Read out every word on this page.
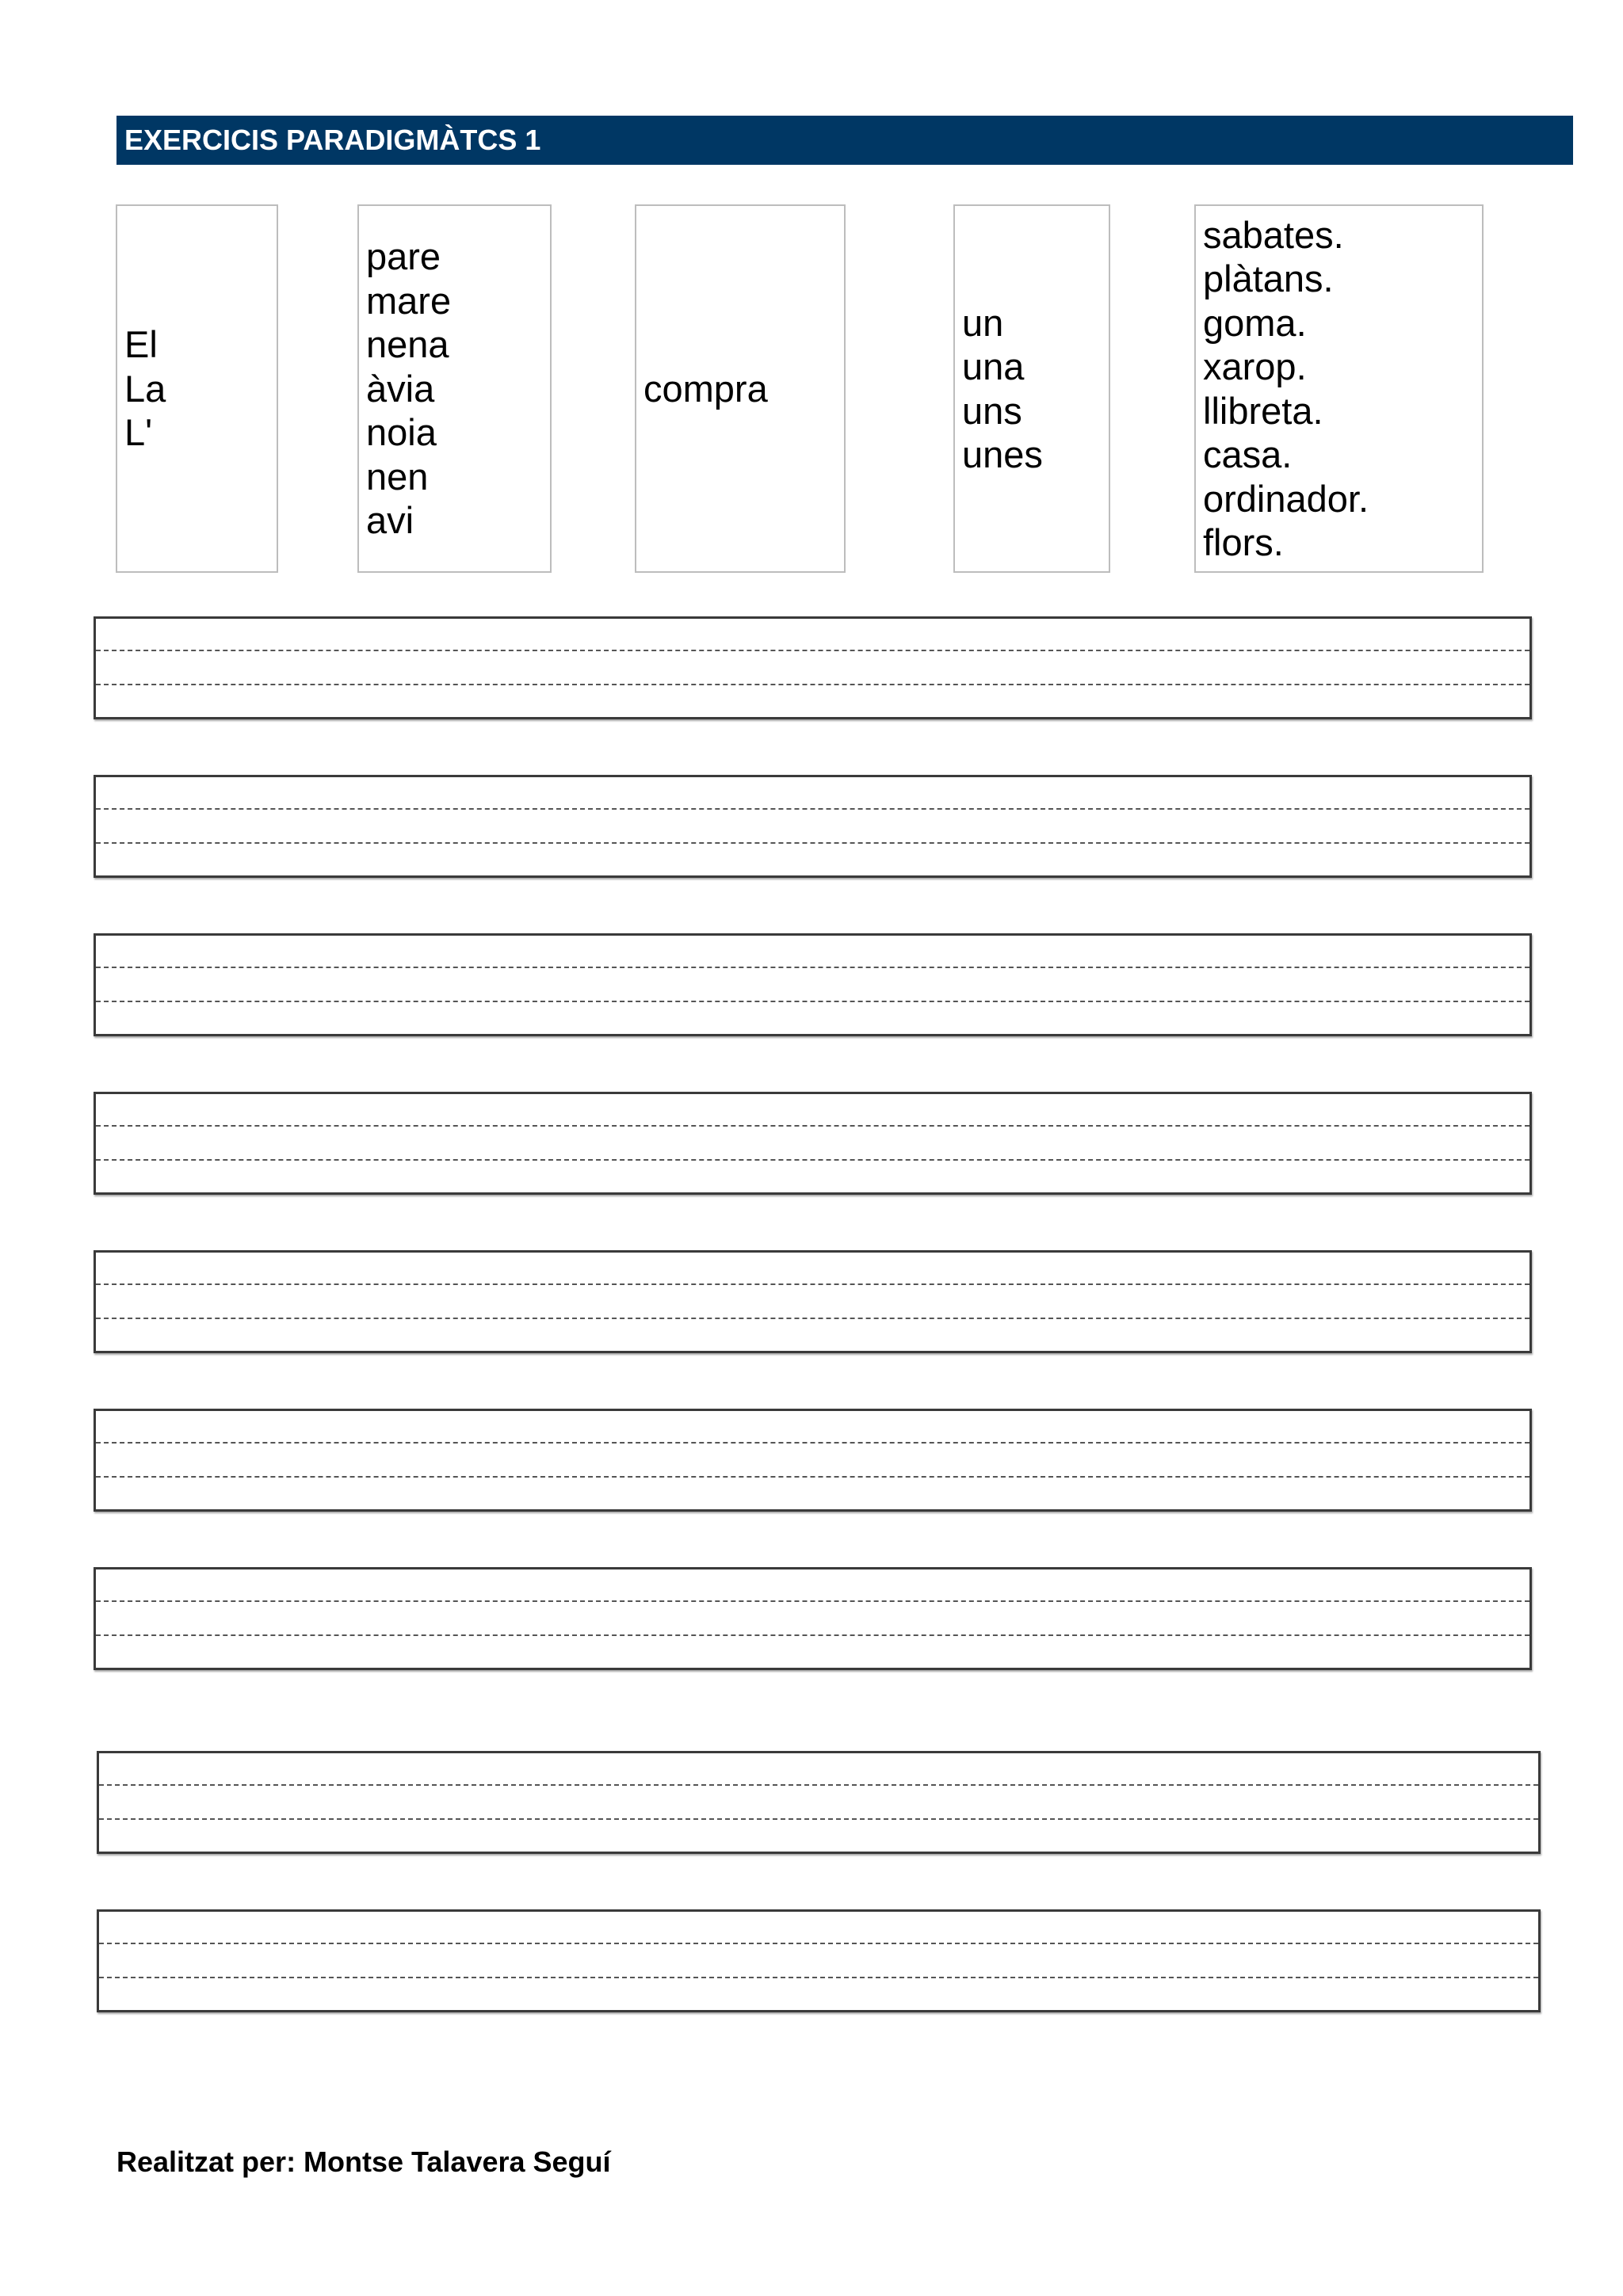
EXERCICIS PARADIGMÀTCS 1
El
La
L'
pare
mare
nena
àvia
noia
nen
avi
compra
un
una
uns
unes
sabates.
plàtans.
goma.
xarop.
llibreta.
casa.
ordinador.
flors.
Realitzat per: Montse Talavera Seguí
